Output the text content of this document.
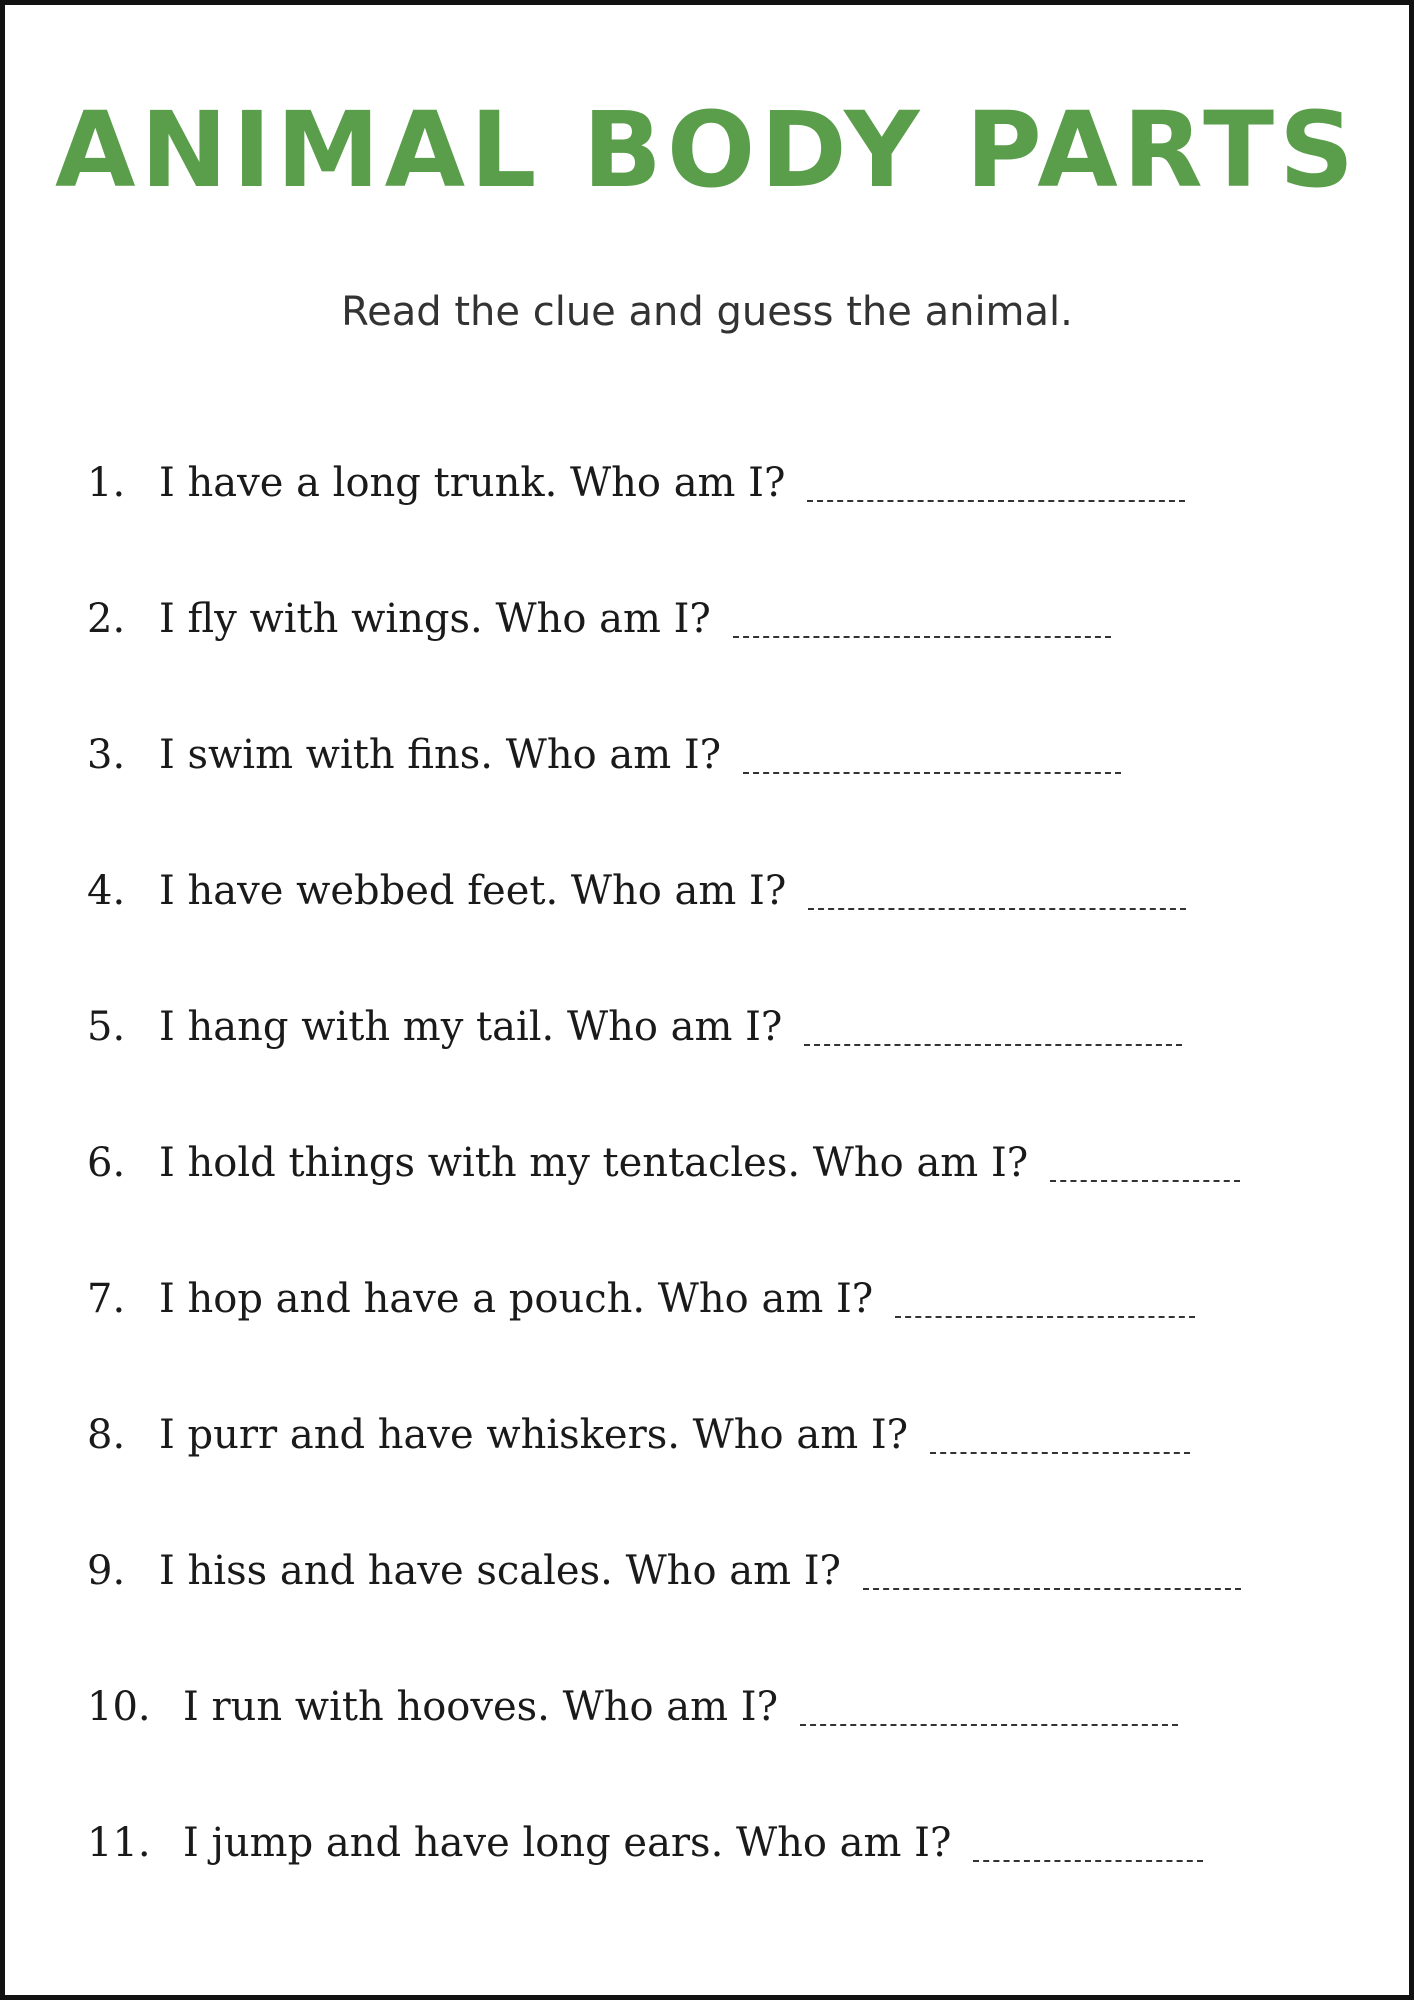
ANIMAL BODY PARTS

Read the clue and guess the animal.

1. I have a long trunk. Who am I?
2. I fly with wings. Who am I?
3. I swim with fins. Who am I?
4. I have webbed feet. Who am I?
5. I hang with my tail. Who am I?
6. I hold things with my tentacles. Who am I?
7. I hop and have a pouch. Who am I?
8. I purr and have whiskers. Who am I?
9. I hiss and have scales. Who am I?
10. I run with hooves. Who am I?
11. I jump and have long ears. Who am I?
